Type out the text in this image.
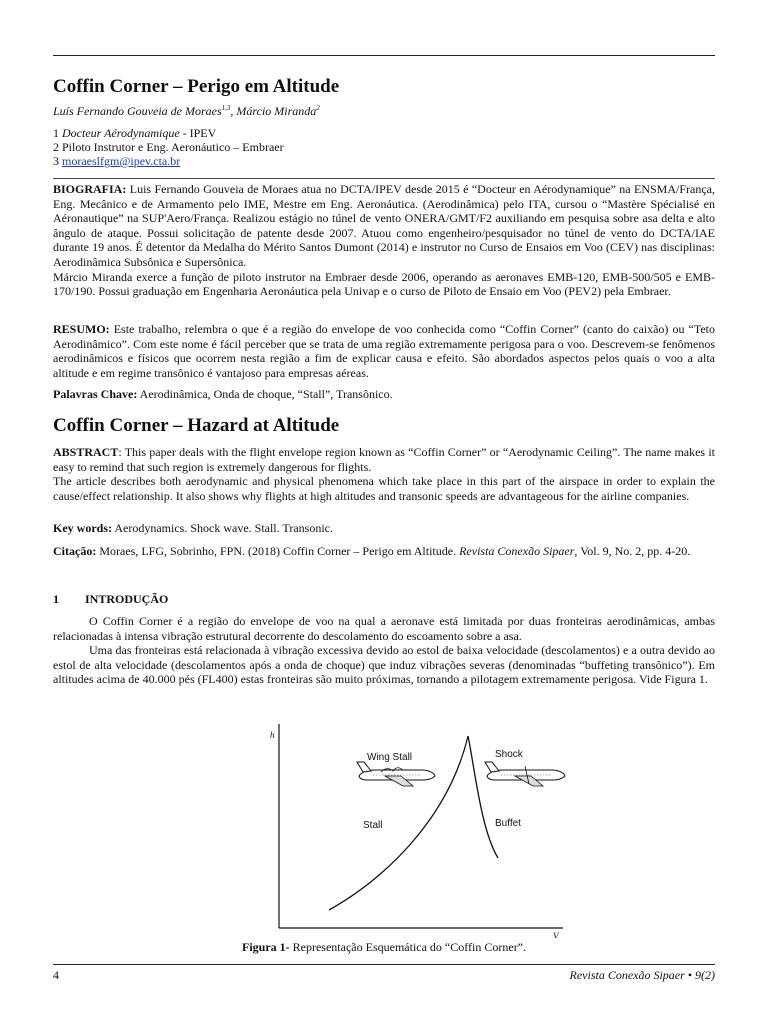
Coffin Corner – Perigo em Altitude
Luís Fernando Gouveia de Moraes$^{1,3}$, Márcio Miranda$^2$
1 Docteur Aérodynamique - IPEV
2 Piloto Instrutor e Eng. Aeronáutico – Embraer
3 moraeslfgm@ipev.cta.br
BIOGRAFIA: Luis Fernando Gouveia de Moraes atua no DCTA/IPEV desde 2015 é “Docteur en Aérodynamique” na ENSMA/França, Eng. Mecânico e de Armamento pelo IME, Mestre em Eng. Aeronáutica. (Aerodinâmica) pelo ITA, cursou o “Mastère Spécialisé en Aéronautique” na SUP'Aero/França. Realizou estágio no túnel de vento ONERA/GMT/F2 auxiliando em pesquisa sobre asa delta e alto ângulo de ataque. Possui solicitação de patente desde 2007. Atuou como engenheiro/pesquisador no túnel de vento do DCTA/IAE durante 19 anos. É detentor da Medalha do Mérito Santos Dumont (2014) e instrutor no Curso de Ensaios em Voo (CEV) nas disciplinas: Aerodinâmica Subsônica e Supersônica.
Márcio Miranda exerce a função de piloto instrutor na Embraer desde 2006, operando as aeronaves EMB-120, EMB-500/505 e EMB-170/190. Possui graduação em Engenharia Aeronáutica pela Univap e o curso de Piloto de Ensaio em Voo (PEV2) pela Embraer.
RESUMO: Este trabalho, relembra o que é a região do envelope de voo conhecida como “Coffin Corner” (canto do caixão) ou “Teto Aerodinâmico”. Com este nome é fácil perceber que se trata de uma região extremamente perigosa para o voo. Descrevem-se fenômenos aerodinâmicos e físicos que ocorrem nesta região a fim de explicar causa e efeito. São abordados aspectos pelos quais o voo a alta altitude e em regime transônico é vantajoso para empresas aéreas.
Palavras Chave: Aerodinâmica, Onda de choque, “Stall”, Transônico.
Coffin Corner – Hazard at Altitude
ABSTRACT: This paper deals with the flight envelope region known as “Coffin Corner” or “Aerodynamic Ceiling”. The name makes it easy to remind that such region is extremely dangerous for flights.
The article describes both aerodynamic and physical phenomena which take place in this part of the airspace in order to explain the cause/effect relationship. It also shows why flights at high altitudes and transonic speeds are advantageous for the airline companies.
Key words: Aerodynamics. Shock wave. Stall. Transonic.
Citação: Moraes, LFG, Sobrinho, FPN. (2018) Coffin Corner – Perigo em Altitude. Revista Conexão Sipaer, Vol. 9, No. 2, pp. 4-20.
1 INTRODUÇÃO

O Coffin Corner é a região do envelope de voo na qual a aeronave está limitada por duas fronteiras aerodinâmicas, ambas relacionadas à intensa vibração estrutural decorrente do descolamento do escoamento sobre a asa.

Uma das fronteiras está relacionada à vibração excessiva devido ao estol de baixa velocidade (descolamentos) e a outra devido ao estol de alta velocidade (descolamentos após a onda de choque) que induz vibrações severas (denominadas “buffeting transônico”). Em altitudes acima de 40.000 pés (FL400) estas fronteiras são muito próximas, tornando a pilotagem extremamente perigosa. Vide Figura 1.

h
V
Wing Stall	Shock
Stall	Buffet
Figura 1- Representação Esquemática do “Coffin Corner”.
4	Revista Conexão Sipaer • 9(2)
